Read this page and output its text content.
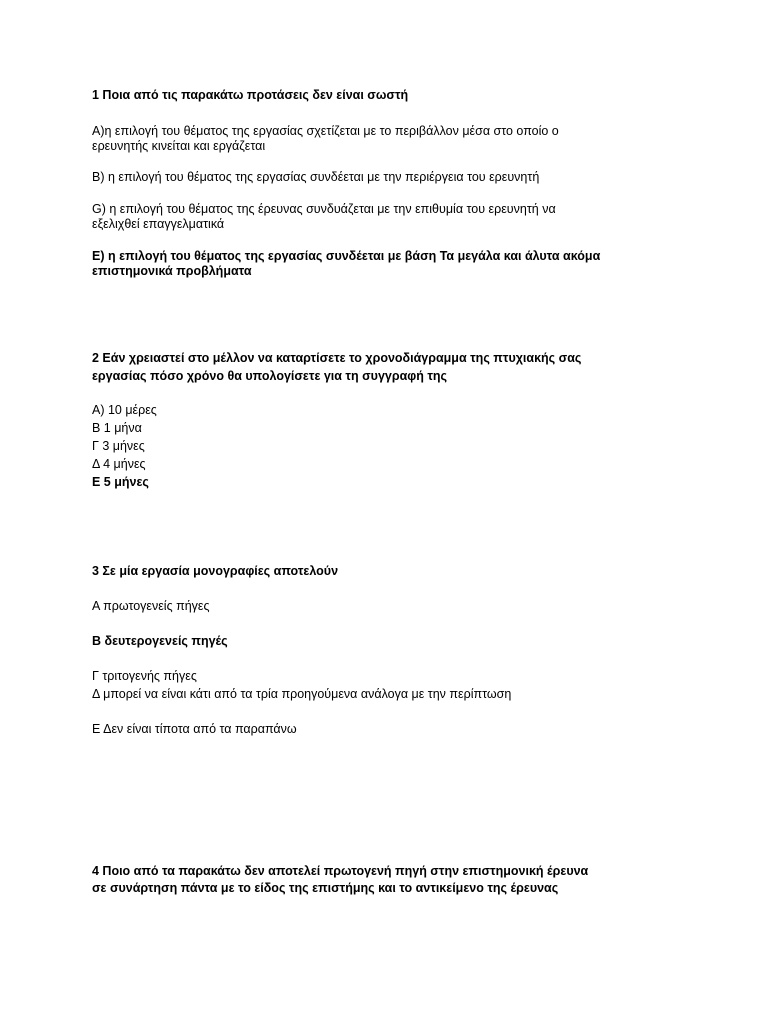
1 Ποια από τις παρακάτω προτάσεις δεν είναι σωστή
Α)η επιλογή του θέματος της εργασίας σχετίζεται με το περιβάλλον μέσα στο οποίο ο
ερευνητής κινείται και εργάζεται
Β) η επιλογή του θέματος της εργασίας συνδέεται με την περιέργεια του ερευνητή
G) η επιλογή του θέματος της έρευνας συνδυάζεται με την επιθυμία του ερευνητή να
εξελιχθεί επαγγελματικά
Ε) η επιλογή του θέματος της εργασίας συνδέεται με βάση Τα μεγάλα και άλυτα ακόμα
επιστημονικά προβλήματα
2 Εάν χρειαστεί στο μέλλον να καταρτίσετε το χρονοδιάγραμμα της πτυχιακής σας
εργασίας πόσο χρόνο θα υπολογίσετε για τη συγγραφή της
Α) 10 μέρες
Β 1 μήνα
Γ 3 μήνες
Δ 4 μήνες
Ε 5 μήνες
3 Σε μία εργασία μονογραφίες αποτελούν
Α πρωτογενείς πήγες
Β δευτερογενείς πηγές
Γ τριτογενής πήγες
Δ μπορεί να είναι κάτι από τα τρία προηγούμενα ανάλογα με την περίπτωση
Ε Δεν είναι τίποτα από τα παραπάνω
4 Ποιο από τα παρακάτω δεν αποτελεί πρωτογενή πηγή στην επιστημονική έρευνα
σε συνάρτηση πάντα με το είδος της επιστήμης και το αντικείμενο της έρευνας
